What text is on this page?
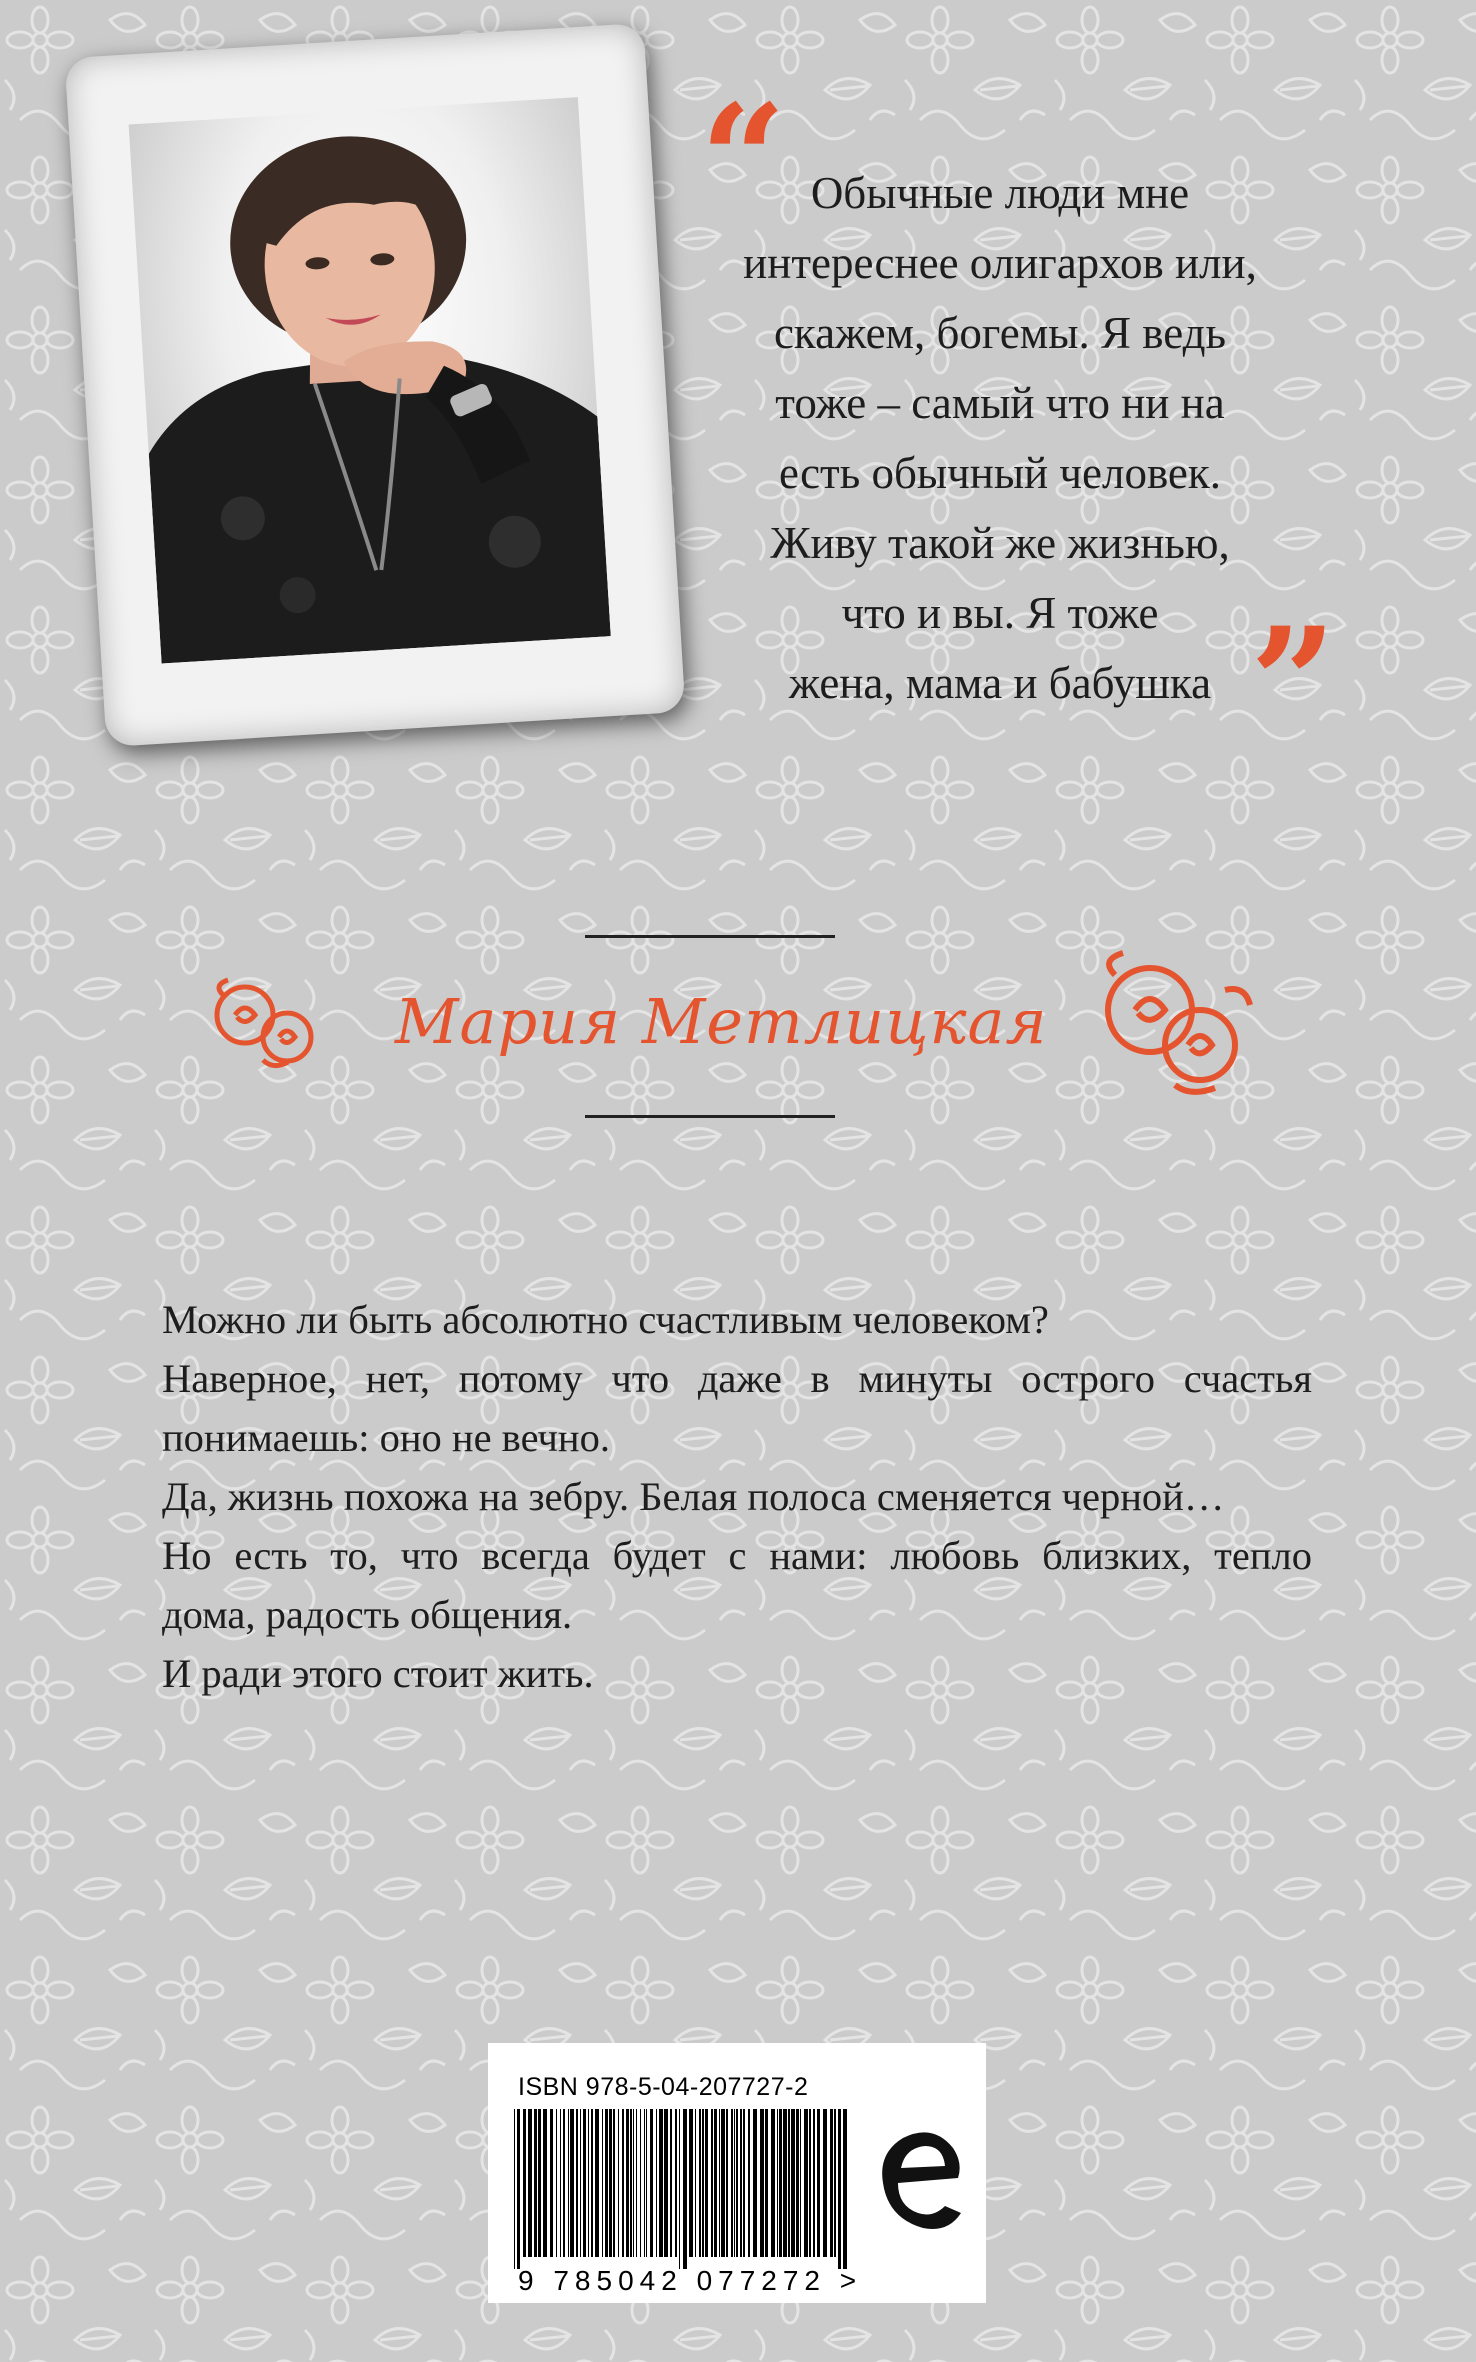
“ Обычные люди мне
интереснее олигархов или,
скажем, богемы. Я ведь
тоже – самый что ни на
есть обычный человек.
Живу такой же жизнью,
что и вы. Я тоже
жена, мама и бабушка ”
Мария Метлицкая

Можно ли быть абсолютно счастливым человеком?

Наверное, нет, потому что даже в минуты острого счастья

понимаешь: оно не вечно.

Да, жизнь похожа на зебру. Белая полоса сменяется черной…

Но есть то, что всегда будет с нами: любовь близких, тепло

дома, радость общения.

И ради этого стоит жить.

ISBN 978-5-04-207727-2
9 785042 077272 >
